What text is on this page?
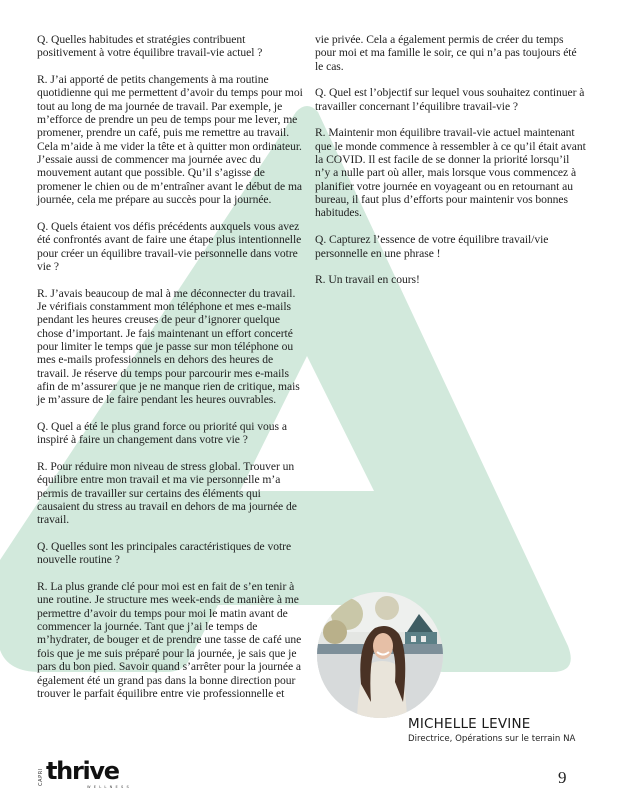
Q. Quelles habitudes et stratégies contribuent positivement à votre équilibre travail-vie actuel ?

R. J’ai apporté de petits changements à ma routine quotidienne qui me permettent d’avoir du temps pour moi tout au long de ma journée de travail. Par exemple, je m’efforce de prendre un peu de temps pour me lever, me promener, prendre un café, puis me remettre au travail. Cela m’aide à me vider la tête et à quitter mon ordinateur. J’essaie aussi de commencer ma journée avec du mouvement autant que possible. Qu’il s’agisse de promener le chien ou de m’entraîner avant le début de ma journée, cela me prépare au succès pour la journée.

Q. Quels étaient vos défis précédents auxquels vous avez été confrontés avant de faire une étape plus intentionnelle pour créer un équilibre travail-vie personnelle dans votre vie ?

R. J’avais beaucoup de mal à me déconnecter du travail. Je vérifiais constamment mon téléphone et mes e-mails pendant les heures creuses de peur d’ignorer quelque chose d’important. Je fais maintenant un effort concerté pour limiter le temps que je passe sur mon téléphone ou mes e-mails professionnels en dehors des heures de travail. Je réserve du temps pour parcourir mes e-mails afin de m’assurer que je ne manque rien de critique, mais je m’assure de le faire pendant les heures ouvrables.

Q. Quel a été le plus grand force ou priorité qui vous a inspiré à faire un changement dans votre vie ?

R. Pour réduire mon niveau de stress global. Trouver un équilibre entre mon travail et ma vie personnelle m’a permis de travailler sur certains des éléments qui causaient du stress au travail en dehors de ma journée de travail.

Q. Quelles sont les principales caractéristiques de votre nouvelle routine ?

R. La plus grande clé pour moi est en fait de s’en tenir à une routine. Je structure mes week-ends de manière à me permettre d’avoir du temps pour moi le matin avant de commencer la journée. Tant que j’ai le temps de m’hydrater, de bouger et de prendre une tasse de café une fois que je me suis préparé pour la journée, je sais que je pars du bon pied. Savoir quand s’arrêter pour la journée a également été un grand pas dans la bonne direction pour trouver le parfait équilibre entre vie professionnelle et

vie privée. Cela a également permis de créer du temps pour moi et ma famille le soir, ce qui n’a pas toujours été le cas.

Q. Quel est l’objectif sur lequel vous souhaitez continuer à travailler concernant l’équilibre travail-vie ?

R. Maintenir mon équilibre travail-vie actuel maintenant que le monde commence à ressembler à ce qu’il était avant la COVID. Il est facile de se donner la priorité lorsqu’il n’y a nulle part où aller, mais lorsque vous commencez à planifier votre journée en voyageant ou en retournant au bureau, il faut plus d’efforts pour maintenir vos bonnes habitudes.

Q. Capturez l’essence de votre équilibre travail/vie personnelle en une phrase !

R. Un travail en cours!

MICHELLE LEVINE
Directrice, Opérations sur le terrain NA
CAPRI thrive
WELLNESS	9
